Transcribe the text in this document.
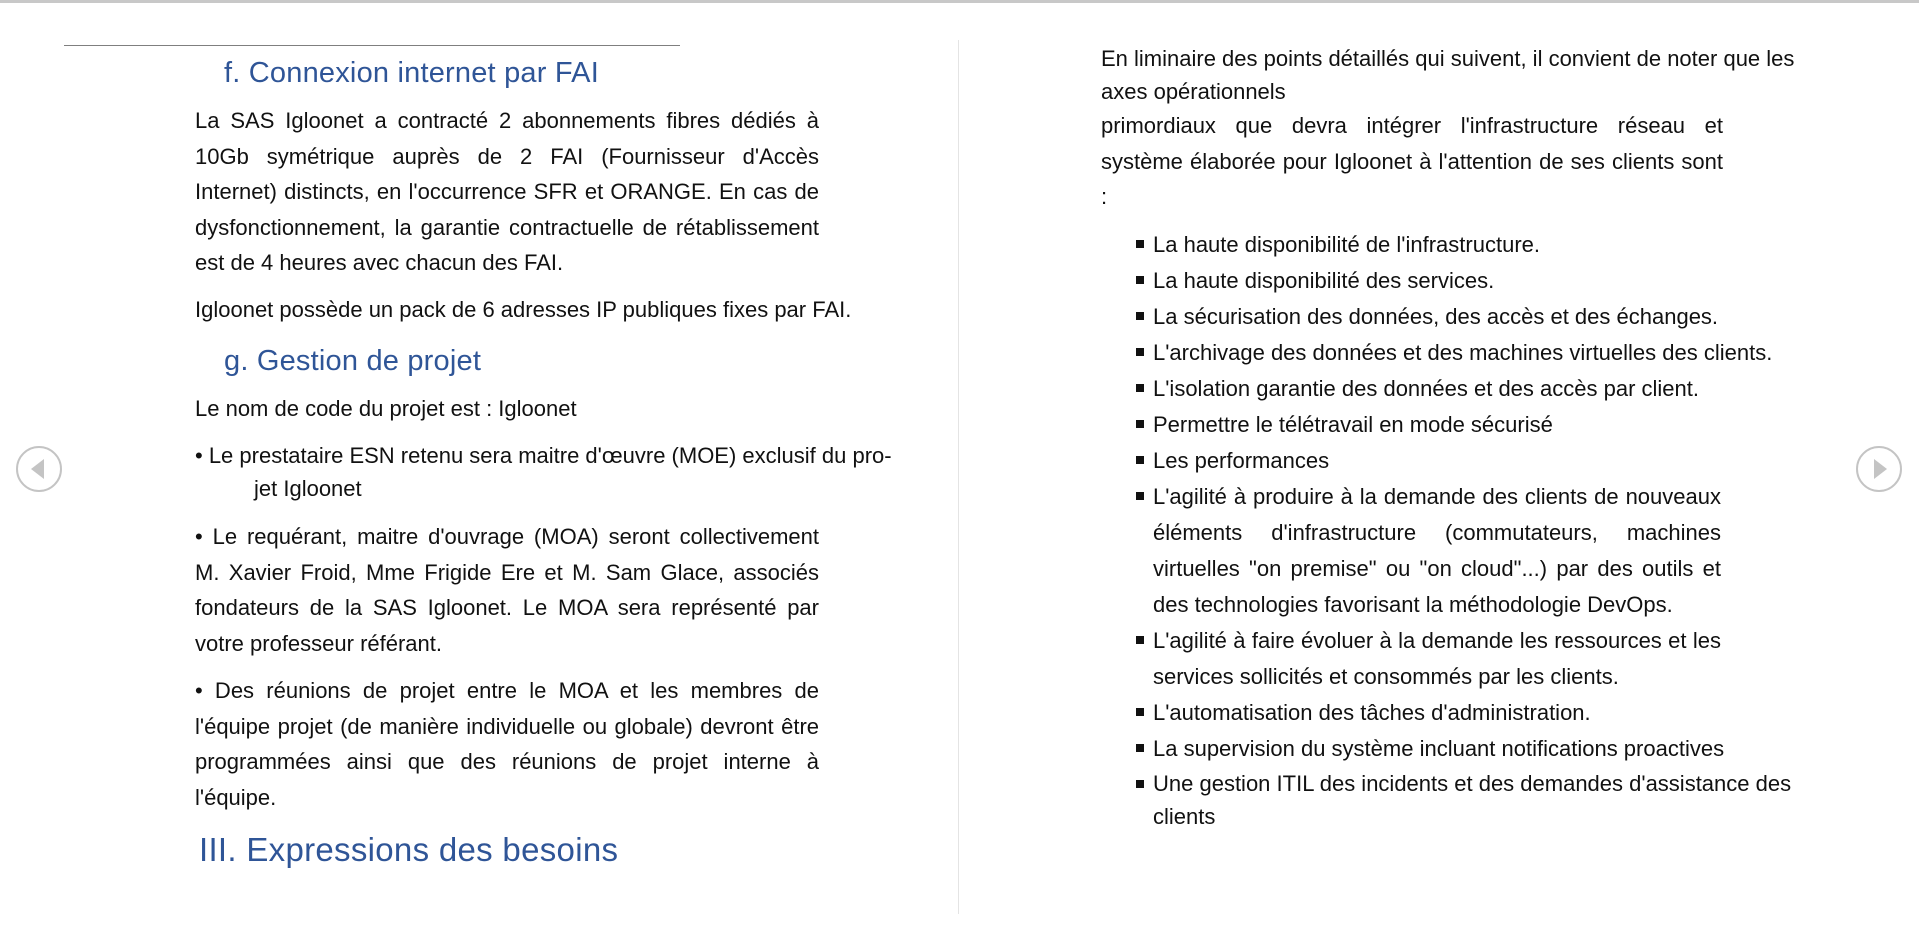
f. Connexion internet par FAI

La SAS Igloonet a contracté 2 abonnements fibres dédiés à 10Gb symétrique auprès de 2 FAI (Fournisseur d'Accès Internet) distincts, en l'occurrence SFR et ORANGE. En cas de dysfonctionnement, la garantie contractuelle de rétablissement est de 4 heures avec chacun des FAI.

Igloonet possède un pack de 6 adresses IP publiques fixes par FAI.

g. Gestion de projet

Le nom de code du projet est : Igloonet

• Le prestataire ESN retenu sera maitre d'œuvre (MOE) exclusif du pro-

jet Igloonet

• Le requérant, maitre d'ouvrage (MOA) seront collectivement M. Xavier Froid, Mme Frigide Ere et M. Sam Glace, associés fondateurs de la SAS Igloonet. Le MOA sera représenté par votre professeur référant.

• Des réunions de projet entre le MOA et les membres de l'équipe projet (de manière individuelle ou globale) devront être programmées ainsi que des réunions de projet interne à l'équipe.

III. Expressions des besoins

En liminaire des points détaillés qui suivent, il convient de noter que les

axes opérationnels

primordiaux que devra intégrer l'infrastructure réseau et système élaborée pour Igloonet à l'attention de ses clients sont :

La haute disponibilité de l'infrastructure.
La haute disponibilité des services.
La sécurisation des données, des accès et des échanges.
L'archivage des données et des machines virtuelles des clients.
L'isolation garantie des données et des accès par client.
Permettre le télétravail en mode sécurisé
Les performances
L'agilité à produire à la demande des clients de nouveaux éléments d'infrastructure (commutateurs, machines virtuelles "on premise" ou "on cloud"...) par des outils et des technologies favorisant la méthodologie DevOps.
L'agilité à faire évoluer à la demande les ressources et les services sollicités et consommés par les clients.
L'automatisation des tâches d'administration.
La supervision du système incluant notifications proactives
Une gestion ITIL des incidents et des demandes d'assistance des clients
